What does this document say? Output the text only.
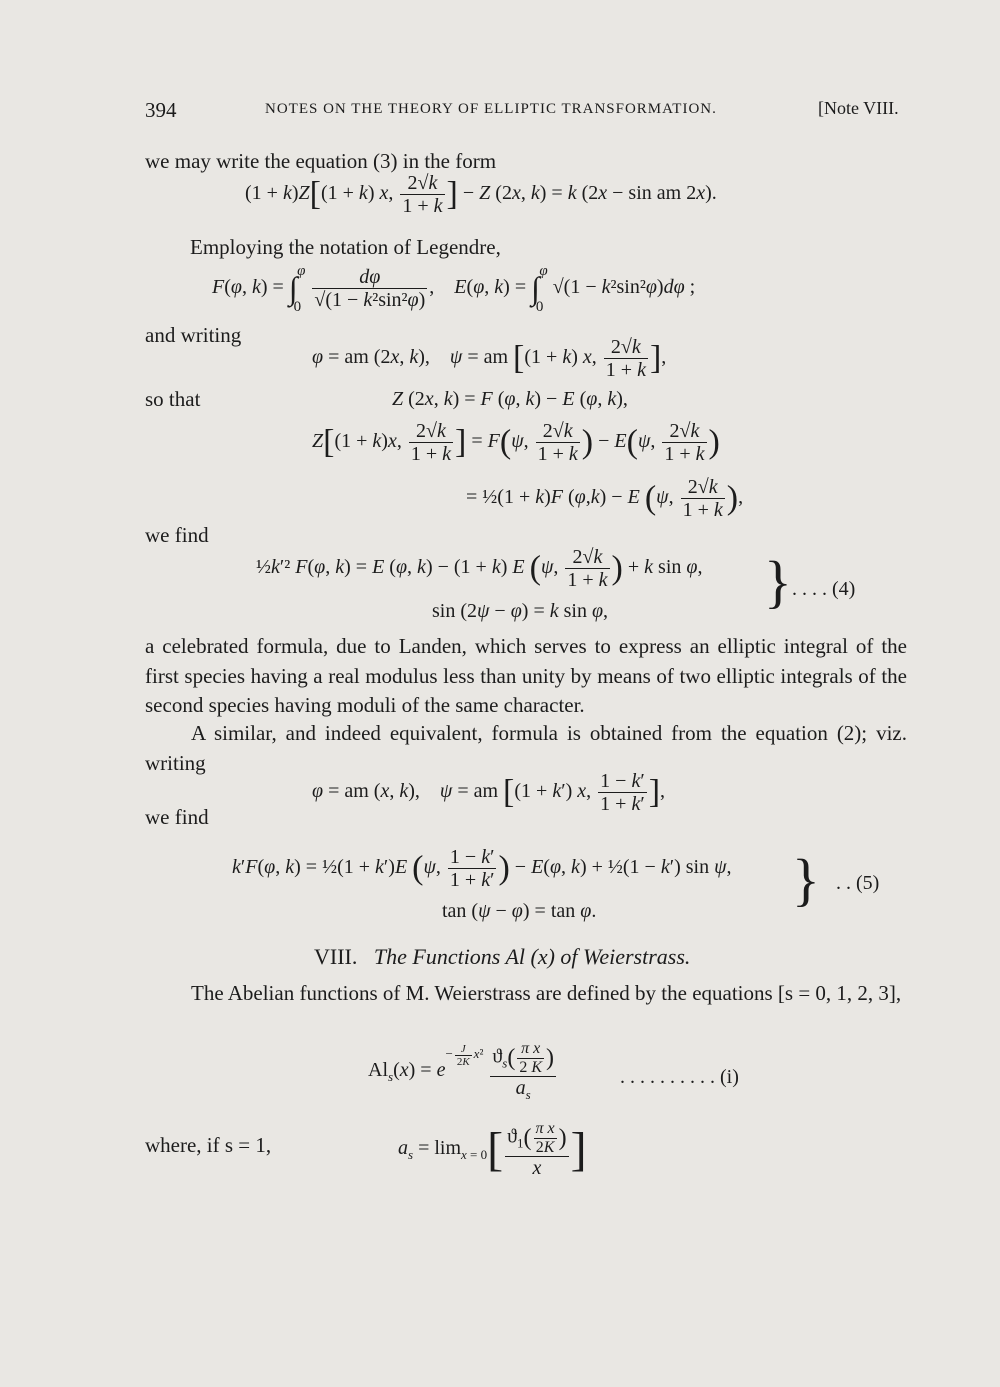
394	NOTES ON THE THEORY OF ELLIPTIC TRANSFORMATION.	[Note VIII.
we may write the equation (3) in the form
(1 + k)Z[(1 + k) x, $\frac{2√k}{1 + k}$ ] − Z (2x, k) = k (2x − sin am 2x).
Employing the notation of Legendre,
F(φ, $k) = \int_0^\varphi \frac{d\varphi}{\text{√(1 − k²sin²φ)}}$ ,    E(φ, $k) = \int_0^\varphi$ √(1 − k²sin²φ)dφ ;
and writing
φ = am (2x, k),    ψ = am [(1 + k) x, $\frac{2√k}{1 + k}$ ],
so that	Z (2x, k) = F (φ, k) − E (φ, k),
Z[(1 + k)x, $\frac{2√k}{1 + k}$ ] = F(ψ, $\frac{2√k}{1 + k}$ ) − E(ψ, $\frac{2√k}{1 + k}$ )
= ½(1 + k)F (φ,k) − E (ψ, $\frac{2√k}{1 + k}$ ),
we find
½k′² F(φ, k) = E (φ, k) − (1 + k) E (ψ, $\frac{2√k}{1 + k}$ ) + k sin φ,
sin (2ψ − φ) = k sin φ,	} . . . . (4)

a celebrated formula, due to Landen, which serves to express an elliptic integral of the first species having a real modulus less than unity by means of two elliptic integrals of the second species having moduli of the same character.

A similar, and indeed equivalent, formula is obtained from the equation (2); viz. writing

φ = am (x, k),    ψ = am [(1 + k′) x, $\frac{1 - k'}{1 + k'}$ ],
we find
k′F(φ, k) = ½(1 + k′)E (ψ, $\frac{1 - k'}{1 + k'}$ ) − E(φ, k) + ½(1 − k′) sin ψ,
tan (ψ − φ) = tan φ.	} . . (5)
VIII. The Functions Al (x) of Weierstrass.

The Abelian functions of M. Weierstrass are defined by the equations [s = 0, 1, 2, 3],

$Al_s(x) = e^{- \frac{J}{2K} x^2} \frac{ϑ_s( \frac{\text{π x}}{2 K} )}{a_s}$	. . . . . . . . . . (i)
where, if s = 1,	$a_s = \lim_{x = 0}[ \frac{ϑ_1( \frac{\text{π x}}{2K} )}{x}$ ]
